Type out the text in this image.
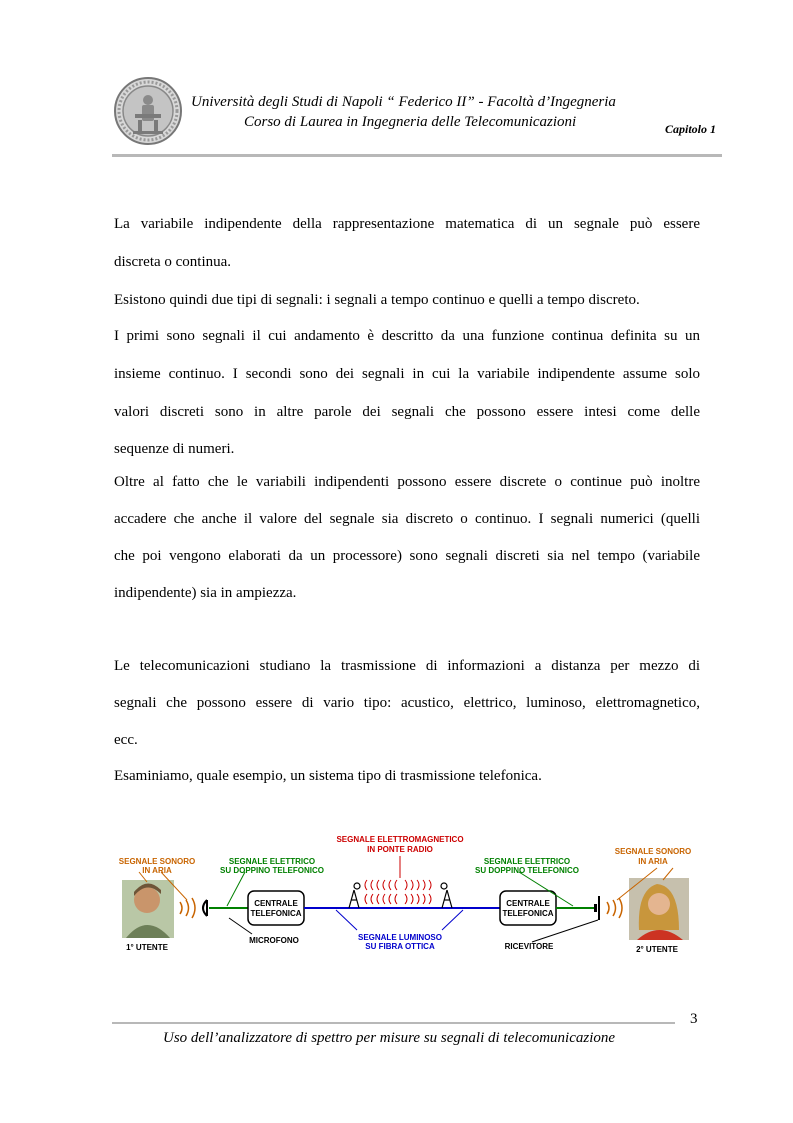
Università degli Studi di Napoli “ Federico II” - Facoltà d’Ingegneria
Corso di Laurea in Ingegneria delle Telecomunicazioni	Capitolo 1

La variabile indipendente della rappresentazione matematica di un segnale può essere
discreta o continua.

Esistono quindi due tipi di segnali: i segnali a tempo continuo e quelli a tempo discreto.

I primi sono segnali il cui andamento è descritto da una funzione continua definita su un
insieme continuo. I secondi sono dei segnali in cui la variabile indipendente assume solo
valori discreti sono in altre parole dei segnali che possono essere intesi come delle
sequenze di numeri.

Oltre al fatto che le variabili indipendenti possono essere discrete o continue può inoltre
accadere che anche il valore del segnale sia discreto o continuo. I segnali numerici (quelli
che poi vengono elaborati da un processore) sono segnali discreti sia nel tempo (variabile
indipendente) sia in ampiezza.

Le telecomunicazioni studiano la trasmissione di informazioni a distanza per mezzo di
segnali che possono essere di vario tipo: acustico, elettrico, luminoso, elettromagnetico,
ecc.

Esaminiamo, quale esempio, un sistema tipo di trasmissione telefonica.

CENTRALE
TELEFONICA
CENTRALE
TELEFONICA
SEGNALE SONORO
IN ARIA
SEGNALE ELETTRICO
SU DOPPINO TELEFONICO
SEGNALE ELETTROMAGNETICO
IN PONTE RADIO
SEGNALE ELETTRICO
SU DOPPINO TELEFONICO
SEGNALE SONORO
IN ARIA
SEGNALE LUMINOSO
SU FIBRA OTTICA
MICROFONO
RICEVITORE
1° UTENTE	2° UTENTE
3
Uso dell’analizzatore di spettro per misure su segnali di telecomunicazione
